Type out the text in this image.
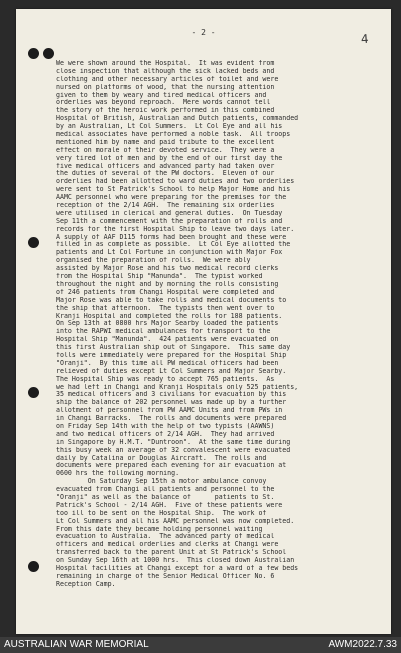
- 2 -	4
We were shown around the Hospital.  It was evident from
close inspection that although the sick lacked beds and
clothing and other necessary articles of toilet and were
nursed on platforms of wood, that the nursing attention
given to them by weary and tired medical officers and
orderlies was beyond reproach.  Mere words cannot tell
the story of the heroic work performed in this combined
Hospital of British, Australian and Dutch patients, commanded
by an Australian, Lt Col Summers.  Lt Col Eye and all his
medical associates have performed a noble task.  All troops
mentioned him by name and paid tribute to the excellent
effect on morale of their devoted service.  They were a
very tired lot of men and by the end of our first day the
five medical officers and advanced party had taken over
the duties of several of the PW doctors.  Eleven of our
orderlies had been allotted to ward duties and two orderlies
were sent to St Patrick's School to help Major Home and his
AAMC personnel who were preparing for the premises for the
reception of the 2/14 AGH.  The remaining six orderlies
were utilised in clerical and general duties.  On Tuesday
Sep 11th a commencement with the preparation of rolls and
records for the first Hospital Ship to leave two days later.
A supply of AAF D115 forms had been brought and these were
filled in as complete as possible.  Lt Col Eye allotted the
patients and Lt Col Fortune in conjunction with Major Fox
organised the preparation of rolls.  We were ably
assisted by Major Rose and his two medical record clerks
from the Hospital Ship "Manunda".  The typist worked
throughout the night and by morning the rolls consisting
of 246 patients from Changi Hospital were completed and
Major Rose was able to take rolls and medical documents to
the ship that afternoon.  The typists then went over to
Kranji Hospital and completed the rolls for 188 patients.
On Sep 13th at 0800 hrs Major Searby loaded the patients
into the RAPWI medical ambulances for transport to the
Hospital Ship "Manunda".  424 patients were evacuated on
this first Australian ship out of Singapore.  This same day
folls were immediately were prepared for the Hospital Ship
"Oranji".  By this time all PW medical officers had been
relieved of duties except Lt Col Summers and Major Searby.
The Hospital Ship was ready to accept 765 patients.  As
we had left in Changi and Kranji Hospitals only 525 patients,
35 medical officers and 3 civilians for evacuation by this
ship the balance of 202 personnel was made up by a further
allotment of personnel from PW AAMC Units and from PWs in
in Changi Barracks.  The rolls and documents were prepared
on Friday Sep 14th with the help of two typists (AAWNS)
and two medical officers of 2/14 AGH.  They had arrived
in Singapore by H.M.T. "Duntroon".  At the same time during
this busy week an average of 32 convalescent were evacuated
daily by Catalina or Douglas Aircraft.  The rolls and
documents were prepared each evening for air evacuation at
0600 hrs the following morning.
On Saturday Sep 15th a motor ambulance convoy
evacuated from Changi all patients and personnel to the
"Oranji" as well as the balance of      patients to St.
Patrick's School - 2/14 AGH.  Five of these patients were
too ill to be sent on the Hospital Ship.  The work of
Lt Col Summers and all his AAMC personnel was now completed.
From this date they became holding personnel waiting
evacuation to Australia.  The advanced party of medical
officers and medical orderlies and clerks at Changi were
transferred back to the parent Unit at St Patrick's School
on Sunday Sep 16th at 1000 hrs.  This closed down Australian
Hospital facilities at Changi except for a ward of a few beds
remaining in charge of the Senior Medical Officer No. 6
Reception Camp.
AUSTRALIAN WAR MEMORIAL	AWM2022.7.33
